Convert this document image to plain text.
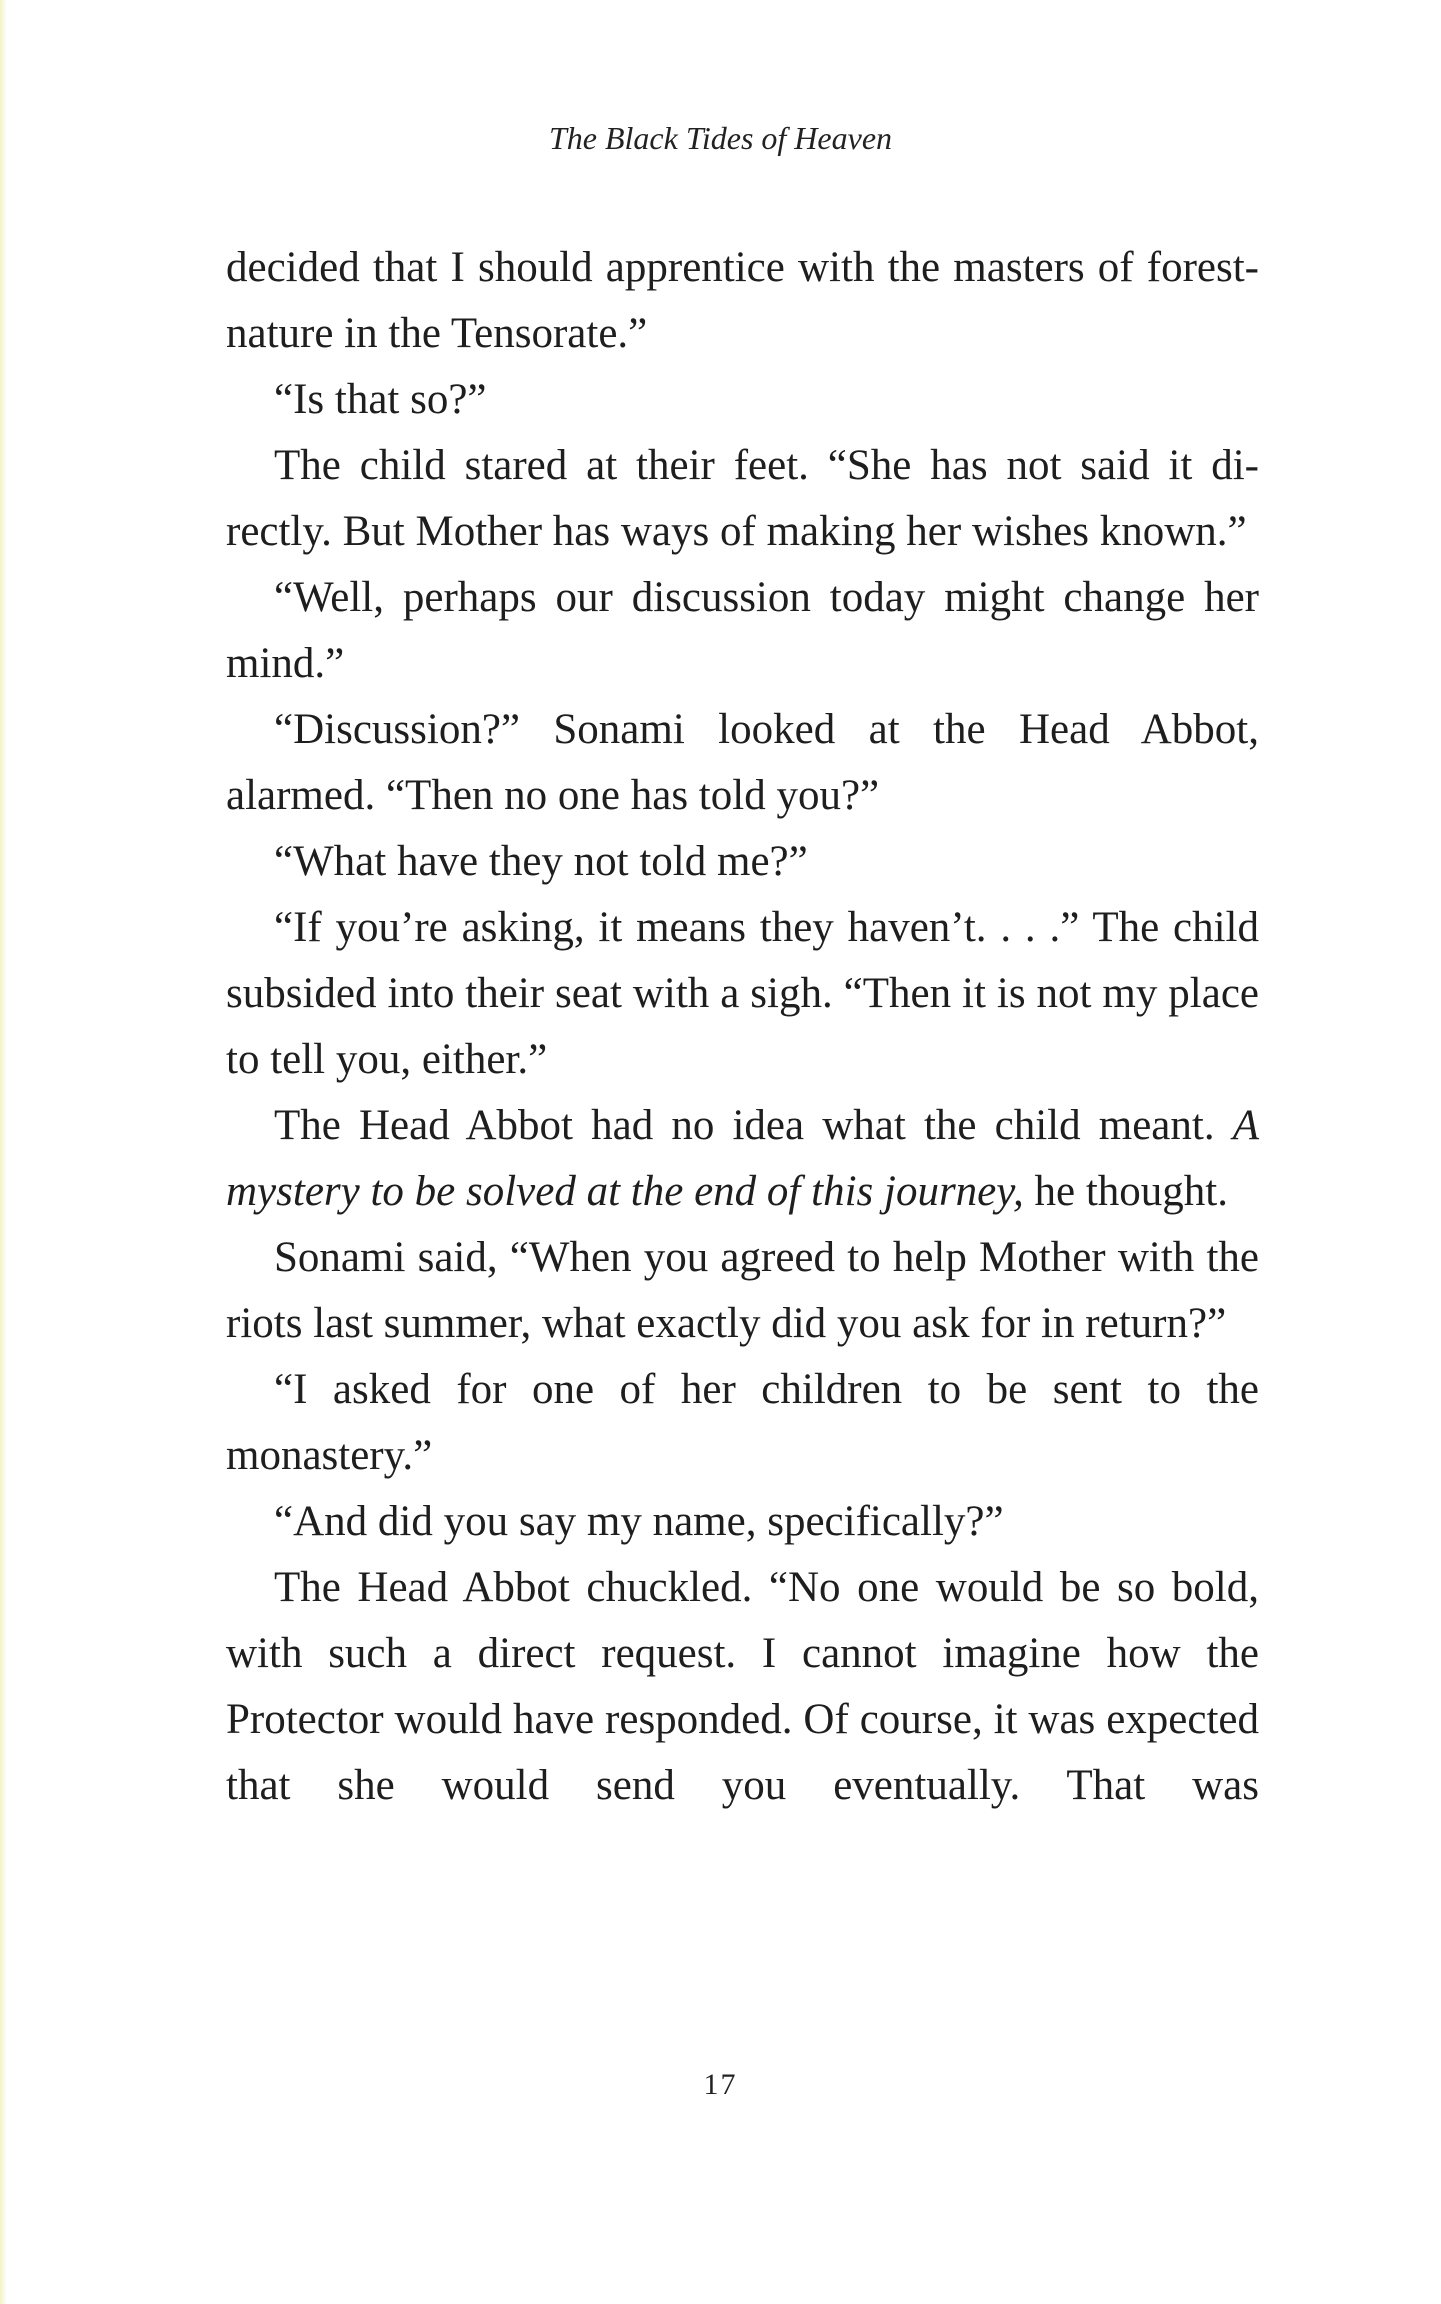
The Black Tides of Heaven

decided that I should apprentice with the masters of forest-nature in the Tensorate.”

“Is that so?”

The child stared at their feet. “She has not said it directly. But Mother has ways of making her wishes known.”

“Well, perhaps our discussion today might change her mind.”

“Discussion?” Sonami looked at the Head Abbot, alarmed. “Then no one has told you?”

“What have they not told me?”

“If you’re asking, it means they haven’t. . . .” The child subsided into their seat with a sigh. “Then it is not my place to tell you, either.”

The Head Abbot had no idea what the child meant. A mystery to be solved at the end of this journey, he thought.

Sonami said, “When you agreed to help Mother with the riots last summer, what exactly did you ask for in return?”

“I asked for one of her children to be sent to the monastery.”

“And did you say my name, specifically?”

The Head Abbot chuckled. “No one would be so bold, with such a direct request. I cannot imagine how the Protector would have responded. Of course, it was expected that she would send you eventually. That was

17
